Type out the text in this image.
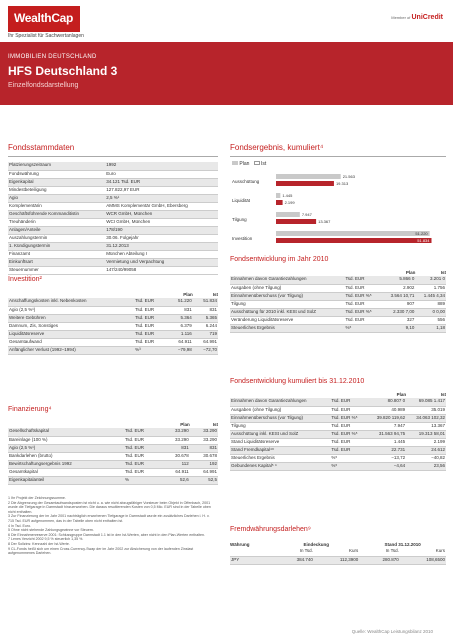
WealthCap
Ihr Spezialist für Sachwertanlagen
Member of UniCredit
IMMOBILIEN DEUTSCHLAND
HFS Deutschland 3
Einzelfondsdarstellung
Fondsstammdaten
Platzierungszeitraum	1992
Fondswährung	Euro
Eigenkapital	34.121 Tsd. EUR
Mindestbeteiligung	127.822,97 EUR
Agio	2,5 %¹
Komplementärin	AMMS Komplementär GmbH, Ebersberg
Geschäftsführende Kommanditistin	WCR GmbH, München
Treuhänderin	WCI GmbH, München
Anlagen/Anteile	178/190
Auszahlungstermin	30.06. Folgejahr
1. Kündigungstermin	31.12.2013
Finanzamt	München Abteilung I
Einkunftsart	Vermietung und Verpachtung
Steuernummer	147/240/99058
Investition²
		Plan	Ist
Anschaffungskosten inkl. Nebenkosten	Tsd. EUR	51.220	51.834
Agio (2,5 %¹)	Tsd. EUR	831	831
Weitere Gebühren	Tsd. EUR	5.364	5.365
Damnum, Zis, Sonstiges	Tsd. EUR	6.379	6.244
Liquiditätsreserve	Tsd. EUR	1.116	719
Gesamtaufwand	Tsd. EUR	64.911	64.991
Anfänglicher Verlust (1992–1994)	%³	−79,98	−72,70
Finanzierung⁴
		Plan	Ist
Gesellschaftskapital	Tsd. EUR	33.290	33.290
Bareinlage (100 %)	Tsd. EUR	33.290	33.290
Agio (2,5 %¹)	Tsd. EUR	831	831
Bankdarlehen (brutto)	Tsd. EUR	30.678	30.678
Bewirtschaftungsergebnis 1992	Tsd. EUR	112	192
Gesamtkapital	Tsd. EUR	64.911	64.991
Eigenkapitalanteil	%	52,6	52,5
1 Ihr Projekt der Zeichnungssumme.
2 Die Abgrenzung der Gesamtaufwandsposten ist nicht u. a. wie nicht abzugsfähiger Vorsteuer beim Objekt in Offenbach, 2001 wurde die Tiefgarage in Darmstadt hinzuerworben. Die daraus resultierenden Kosten von 0,5 Mio. EUR sind in der Tabelle oben nicht enthalten.
3 Zur Finanzierung der im Jahr 2001 nachträglich erworbenen Tiefgarage in Darmstadt wurde ein zusätzliches Darlehen i. H. v. 715 Tsd. EUR aufgenommen, das in der Tabelle oben nicht enthalten ist.
4 In Tsd. Euro.
5 Ohne nicht stehende Zahlungsgewinne vor Steuern.
6 Die Einnahmenreserve 2001: Schlussgruppe Darmstadt 1.1 ist in den Ist-Werten, aber nicht in den Plan-Werten enthalten.
7 Lenes Verzicht 2002 9,5 % steuerlich 1,35 %.
8 Der Sollzins: Kennzahl der Ist-Werte.
9 CL-Fonds heißt sich um einen Cross-Currency-Swap der im Jahr 2002 zur Absicherung von der laufenden Zinslast aufgenommenes Darlehen.
Fondsergebnis, kumuliert⁴
Plan Ist
Ausschüttung
21.563
19.313
Liquidität
1.445
2.199
Tilgung
7.947
13.367
Investition
51.220
51.834
Fondsentwicklung im Jahr 2010
		Plan	Ist
Einnahmen davon Garantiezahlungen	Tsd. EUR	5.866 0	3.201 0
Ausgaben (ohne Tilgung)	Tsd. EUR	2.902	1.756
Einnahmenüberschuss (vor Tilgung)	Tsd. EUR %⁵	3.564 10,71	1.445 4,34
Tilgung	Tsd. EUR	907	889
Ausschüttung für 2010 inkl. KESt und SolZ	Tsd. EUR %⁵	2.330 7,00	0 0,00
Veränderung Liquiditätsreserve	Tsd. EUR	327	556
Steuerliches Ergebnis	%⁵	9,10	1,18
Fondsentwicklung kumuliert bis 31.12.2010
		Plan	Ist
Einnahmen davon Garantiezahlungen	Tsd. EUR	80.807 0	69.085 1.417
Ausgaben (ohne Tilgung)	Tsd. EUR	40.989	35.019
Einnahmenüberschuss (vor Tilgung)	Tsd. EUR %⁵	39.820 119,62	34.063 102,32
Tilgung	Tsd. EUR	7.947	13.367
Ausschüttung inkl. KESt und SolZ	Tsd. EUR %⁵	31.563 94,75	19.313 58,01
Stand Liquiditätsreserve	Tsd. EUR	1.445	2.199
Stand Fremdkapital⁴⁸	Tsd. EUR	22.731	24.612
Steuerliches Ergebnis	%⁵	−13,72	−40,82
Gebundenes Kapital⁵ ⁹	%⁵	−4,64	23,56
Fremdwährungsdarlehen⁹
Währung	Eindeckung		Stand 31.12.2010	
	In Tsd.	Kurs	In Tsd.	Kurs
JPY	384.740	112,3900	280.870	108,6500
Quelle: WealthCap Leistungsbilanz 2010
